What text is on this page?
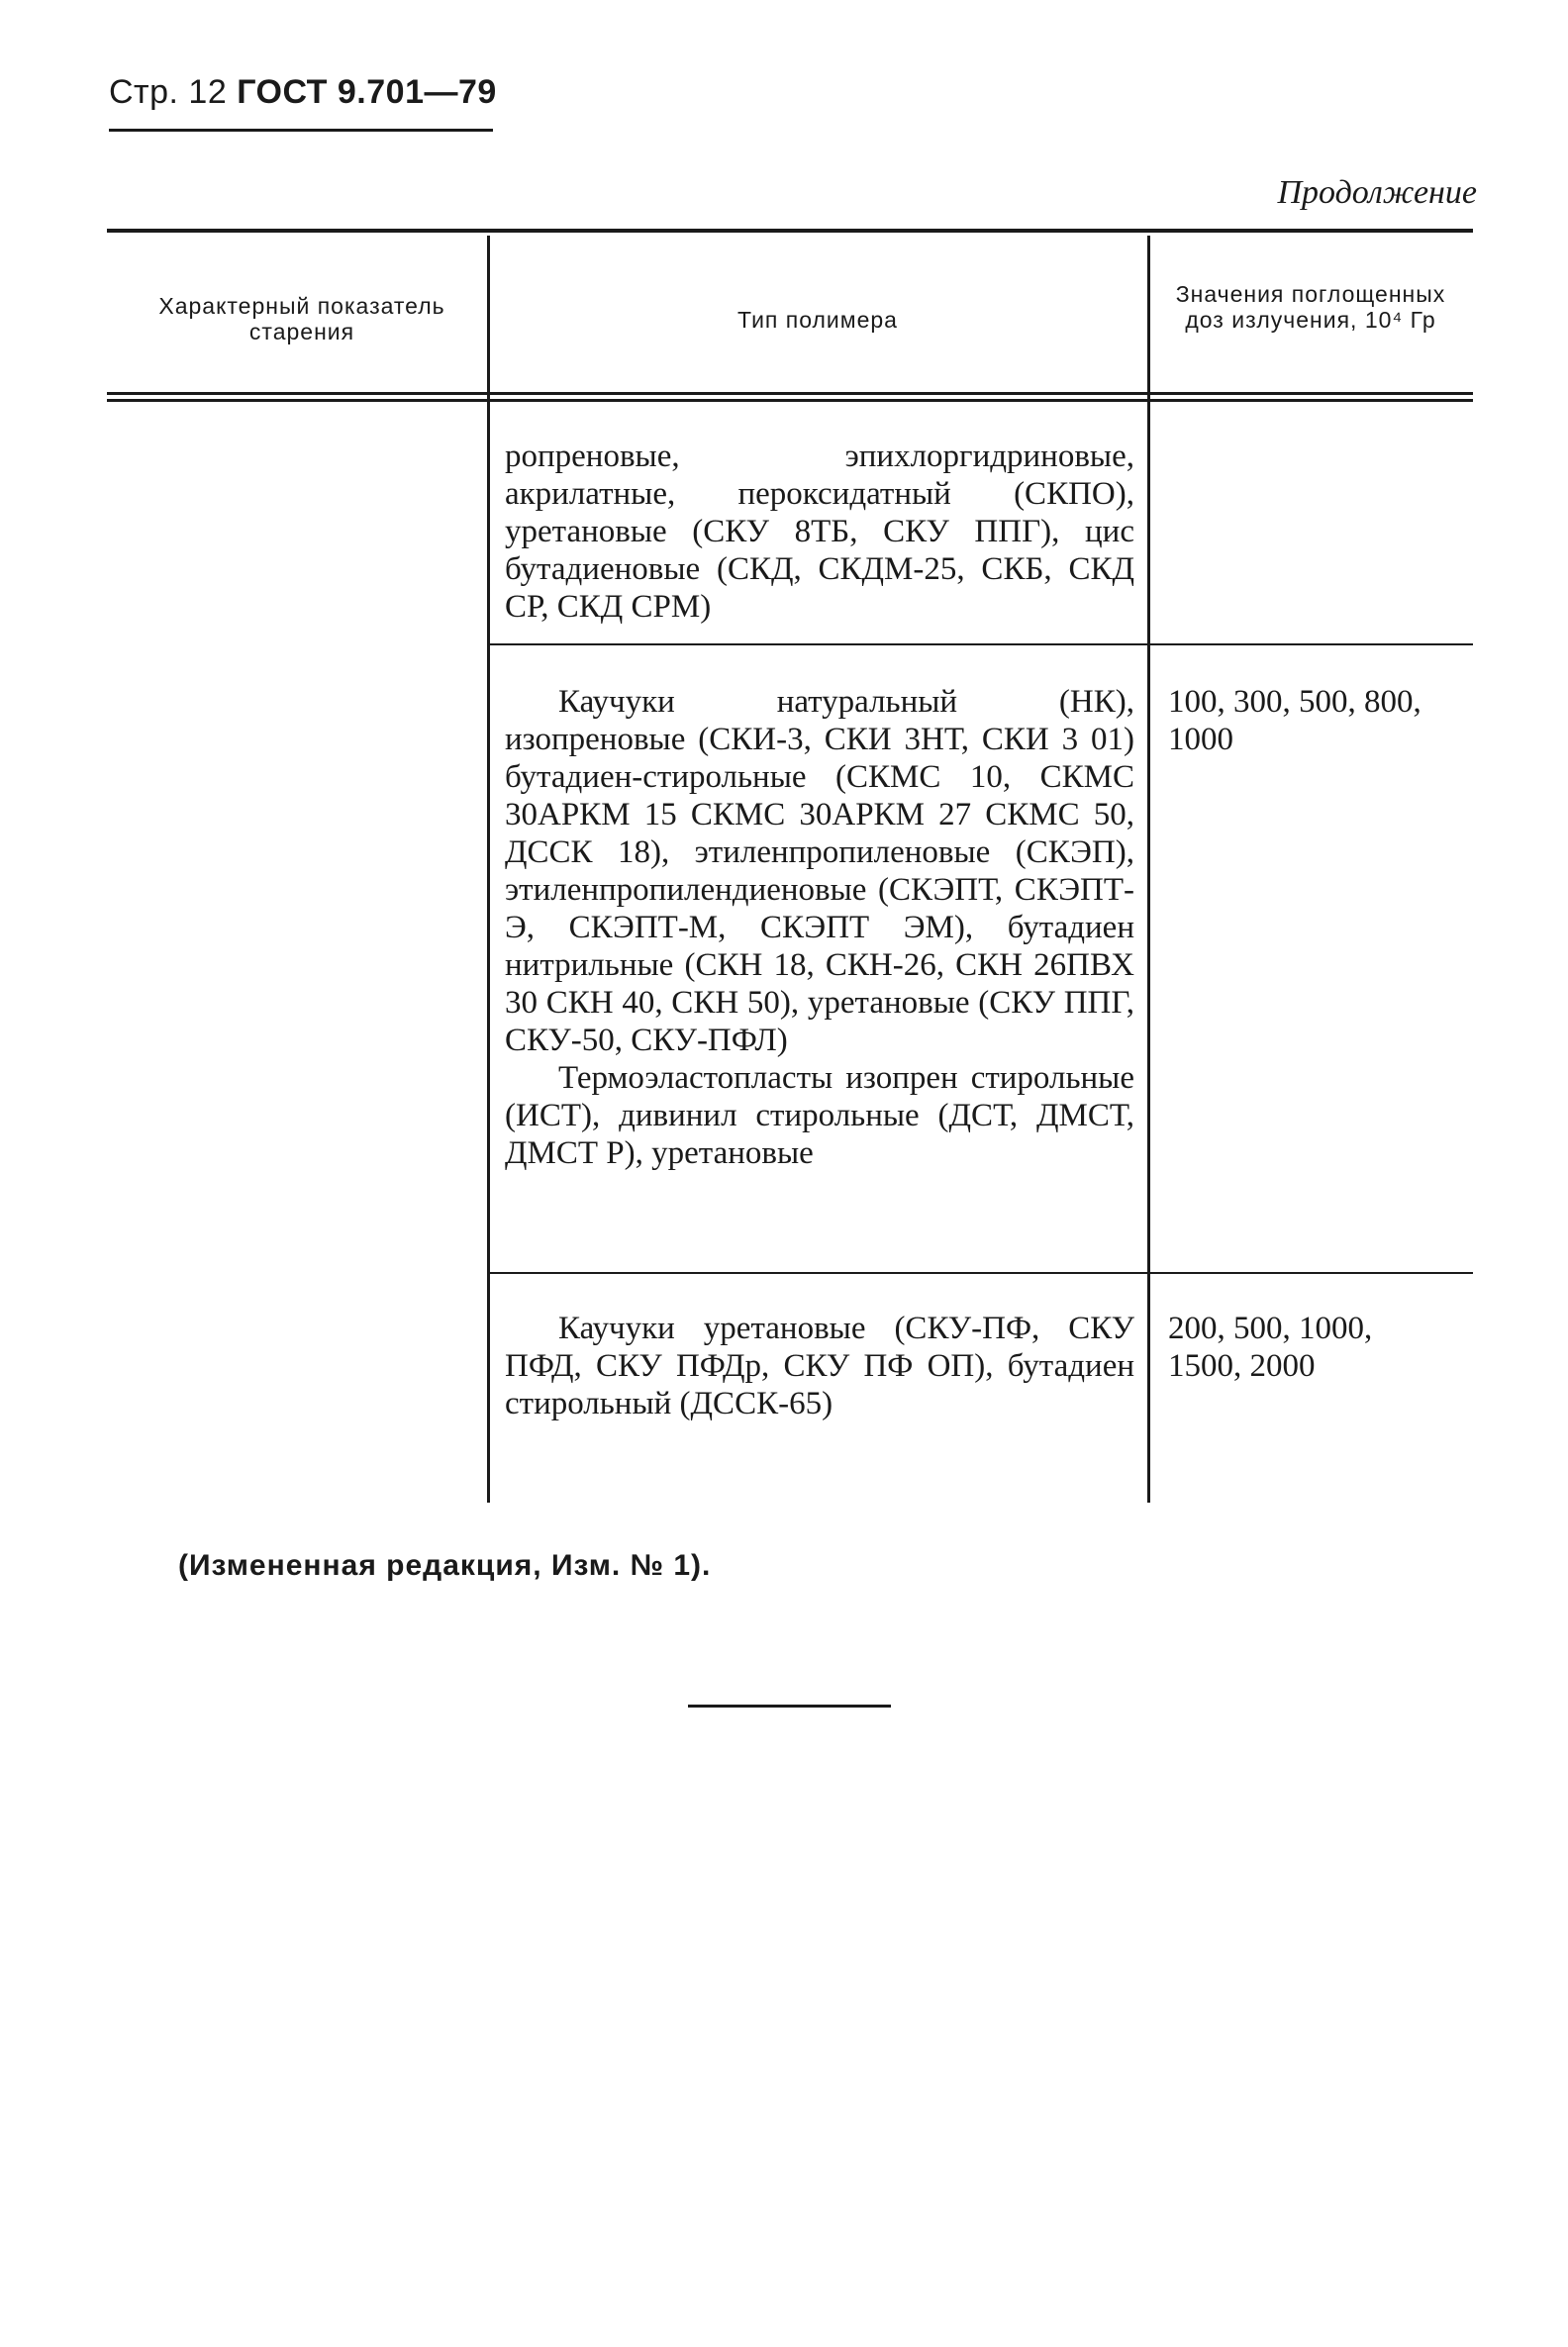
Стр. 12 ГОСТ 9.701—79
Продолжение
Характерный показатель старения	Тип полимера
Значения поглощенных доз излучения, 10⁴ Гр

ропреновые, эпихлоргидриновые, акрилатные, пероксидатный (СКПО), уретановые (СКУ 8ТБ, СКУ ППГ), цис бутадиеновые (СКД, СКДМ-25, СКБ, СКД СР, СКД СРМ)

Каучуки натуральный (НК), изопреновые (СКИ-3, СКИ 3НТ, СКИ 3 01) бутадиен-стирольные (СКМС 10, СКМС 30АРКМ 15 СКМС 30АРКМ 27 СКМС 50, ДССК 18), этиленпропиленовые (СКЭП), этиленпропилендиеновые (СКЭПТ, СКЭПТ-Э, СКЭПТ-М, СКЭПТ ЭМ), бутадиен нитрильные (СКН 18, СКН-26, СКН 26ПВХ 30 СКН 40, СКН 50), уретановые (СКУ ППГ, СКУ-50, СКУ-ПФЛ)

Термоэластопласты изопрен стирольные (ИСТ), дивинил стирольные (ДСТ, ДМСТ, ДМСТ Р), уретановые

100, 300, 500, 800, 1000

Каучуки уретановые (СКУ-ПФ, СКУ ПФД, СКУ ПФДр, СКУ ПФ ОП), бутадиен стирольный (ДССК-65)

200, 500, 1000, 1500, 2000
(Измененная редакция, Изм. № 1).
